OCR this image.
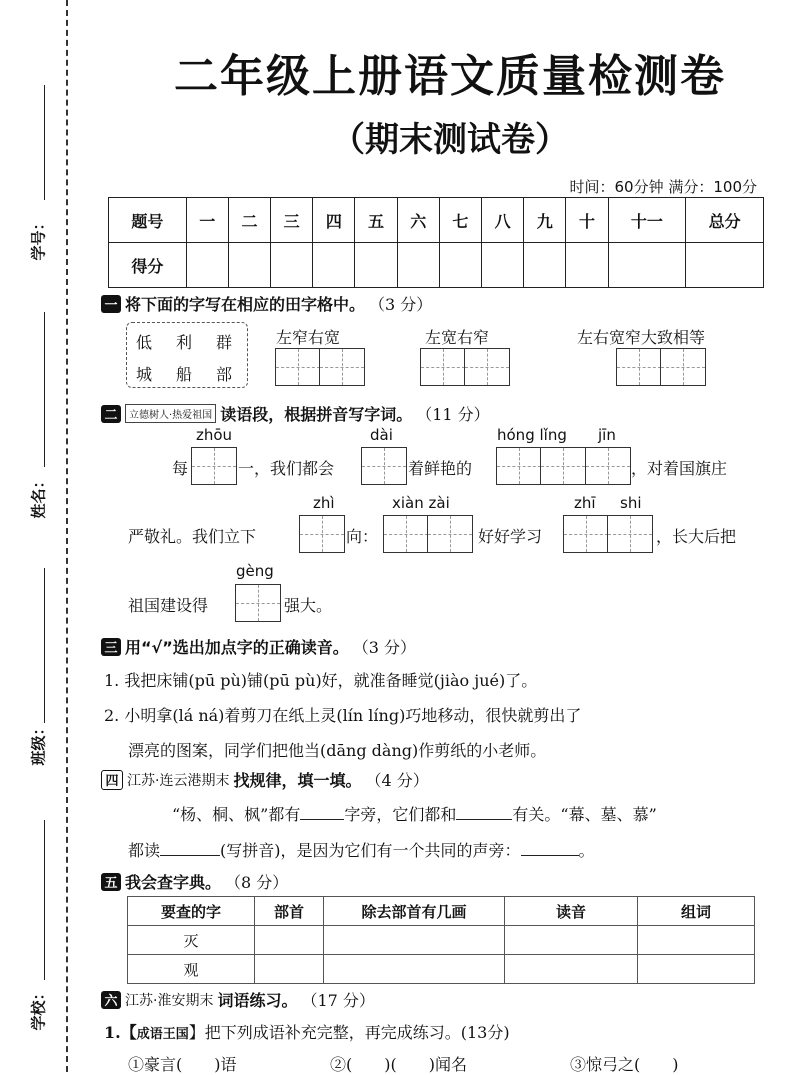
学号：
姓名：
班级：
学校：
二年级上册语文质量检测卷
（期末测试卷）
时间：60分钟 满分：100分
题号	一	二	三	四	五	六	七	八	九	十	十一	总分
得分												
一 将下面的字写在相应的田字格中。 （3 分）
低 利 群
城 船 部
左窄右宽	左宽右窄	左右宽窄大致相等
二	立德树人·热爱祖国 读语段，根据拼音写字词。 （11 分）
zhōu	dài	hóng lǐng jīn
每	一，我们都会	着鲜艳的	，对着国旗庄
zhì	xiàn zài	zhī shi
严敬礼。我们立下	向：	好好学习	，长大后把
gèng
祖国建设得	强大。
三 用“√”选出加点字的正确读音。 （3 分）
1. 我把床铺(pū pù)铺(pū pù)好，就准备睡觉(jiào jué)了。
2. 小明拿(lá ná)着剪刀在纸上灵(lín líng)巧地移动，很快就剪出了
漂亮的图案，同学们把他当(dāng dàng)作剪纸的小老师。
四 江苏·连云港期末 找规律，填一填。 （4 分）
“杨、桐、枫”都有	字旁，它们都和	有关。“幕、墓、慕”
都读	(写拼音)，是因为它们有一个共同的声旁：	。
五 我会查字典。 （8 分）
要查的字	部首	除去部首有几画	读音	组词
灭				
观				
六 江苏·淮安期末 词语练习。 （17 分）
1.【成语王国】把下列成语补充完整，再完成练习。(13分)
①豪言(　　)语	②(　　)(　　)闻名	③惊弓之(　　)
